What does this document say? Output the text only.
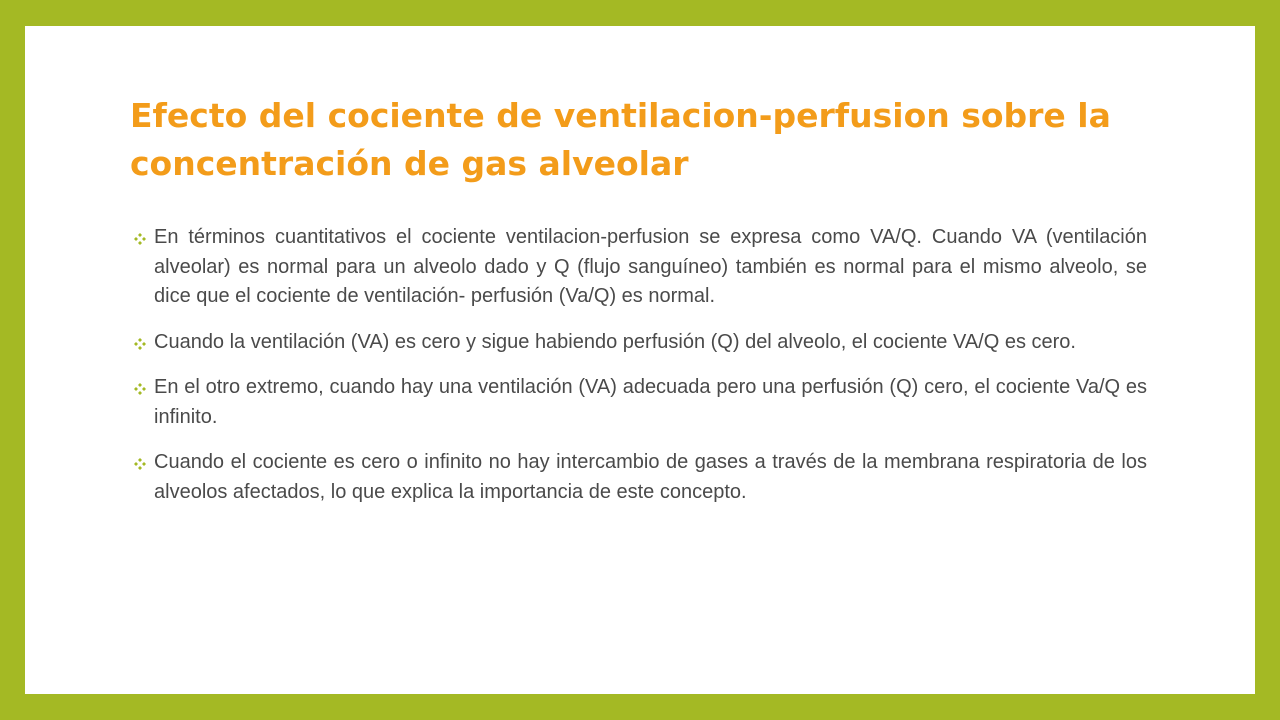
Efecto del cociente de ventilacion-perfusion sobre la concentración de gas alveolar
En términos cuantitativos el cociente ventilacion-perfusion se expresa como VA/Q. Cuando VA (ventilación alveolar) es normal para un alveolo dado y Q (flujo sanguíneo) también es normal para el mismo alveolo, se dice que el cociente de ventilación- perfusión (Va/Q) es normal.
Cuando la ventilación (VA) es cero y sigue habiendo perfusión (Q) del alveolo, el cociente VA/Q es cero.
En el otro extremo, cuando hay una ventilación (VA) adecuada pero una perfusión (Q) cero, el cociente Va/Q es infinito.
Cuando el cociente es cero o infinito no hay intercambio de gases a través de la membrana respiratoria de los alveolos afectados, lo que explica la importancia de este concepto.
